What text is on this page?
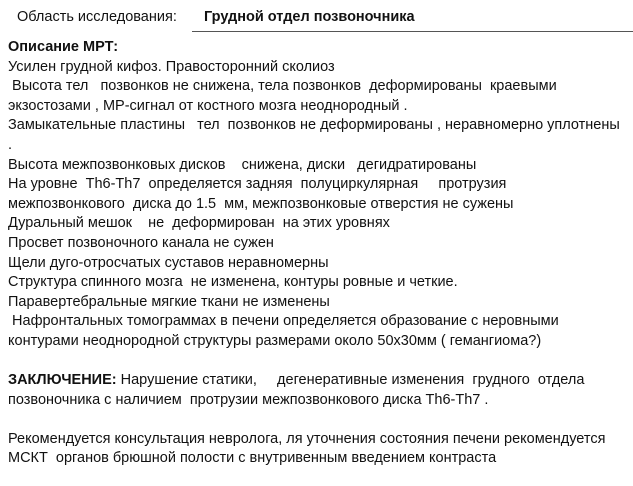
Область исследования: Грудной отдел позвоночника
Описание МРТ:
Усилен грудной кифоз. Правосторонний сколиоз
Высота тел   позвонков не снижена, тела позвонков  деформированы  краевыми
экзостозами , МР-сигнал от костного мозга неоднородный .
Замыкательные пластины   тел  позвонков не деформированы , неравномерно уплотнены
.
Высота межпозвонковых дисков    снижена, диски   дегидратированы
На уровне  Th6-Th7  определяется задняя  полуциркулярная     протрузия
межпозвонкового  диска до 1.5  мм, межпозвонковые отверстия не сужены
Дуральный мешок    не  деформирован  на этих уровнях
Просвет позвоночного канала не сужен
Щели дуго-отросчатых суставов неравномерны
Структура спинного мозга  не изменена, контуры ровные и четкие.
Паравертебральные мягкие ткани не изменены
Нафронтальных томограммах в печени определяется образование с неровными
контурами неоднородной структуры размерами около 50х30мм ( гемангиома?)
ЗАКЛЮЧЕНИЕ: Нарушение статики,     дегенеративные изменения  грудного  отдела
позвоночника с наличием  протрузии межпозвонкового диска Th6-Th7 .
Рекомендуется консультация невролога, ля уточнения состояния печени рекомендуется
МСКТ  органов брюшной полости с внутривенным введением контраста
